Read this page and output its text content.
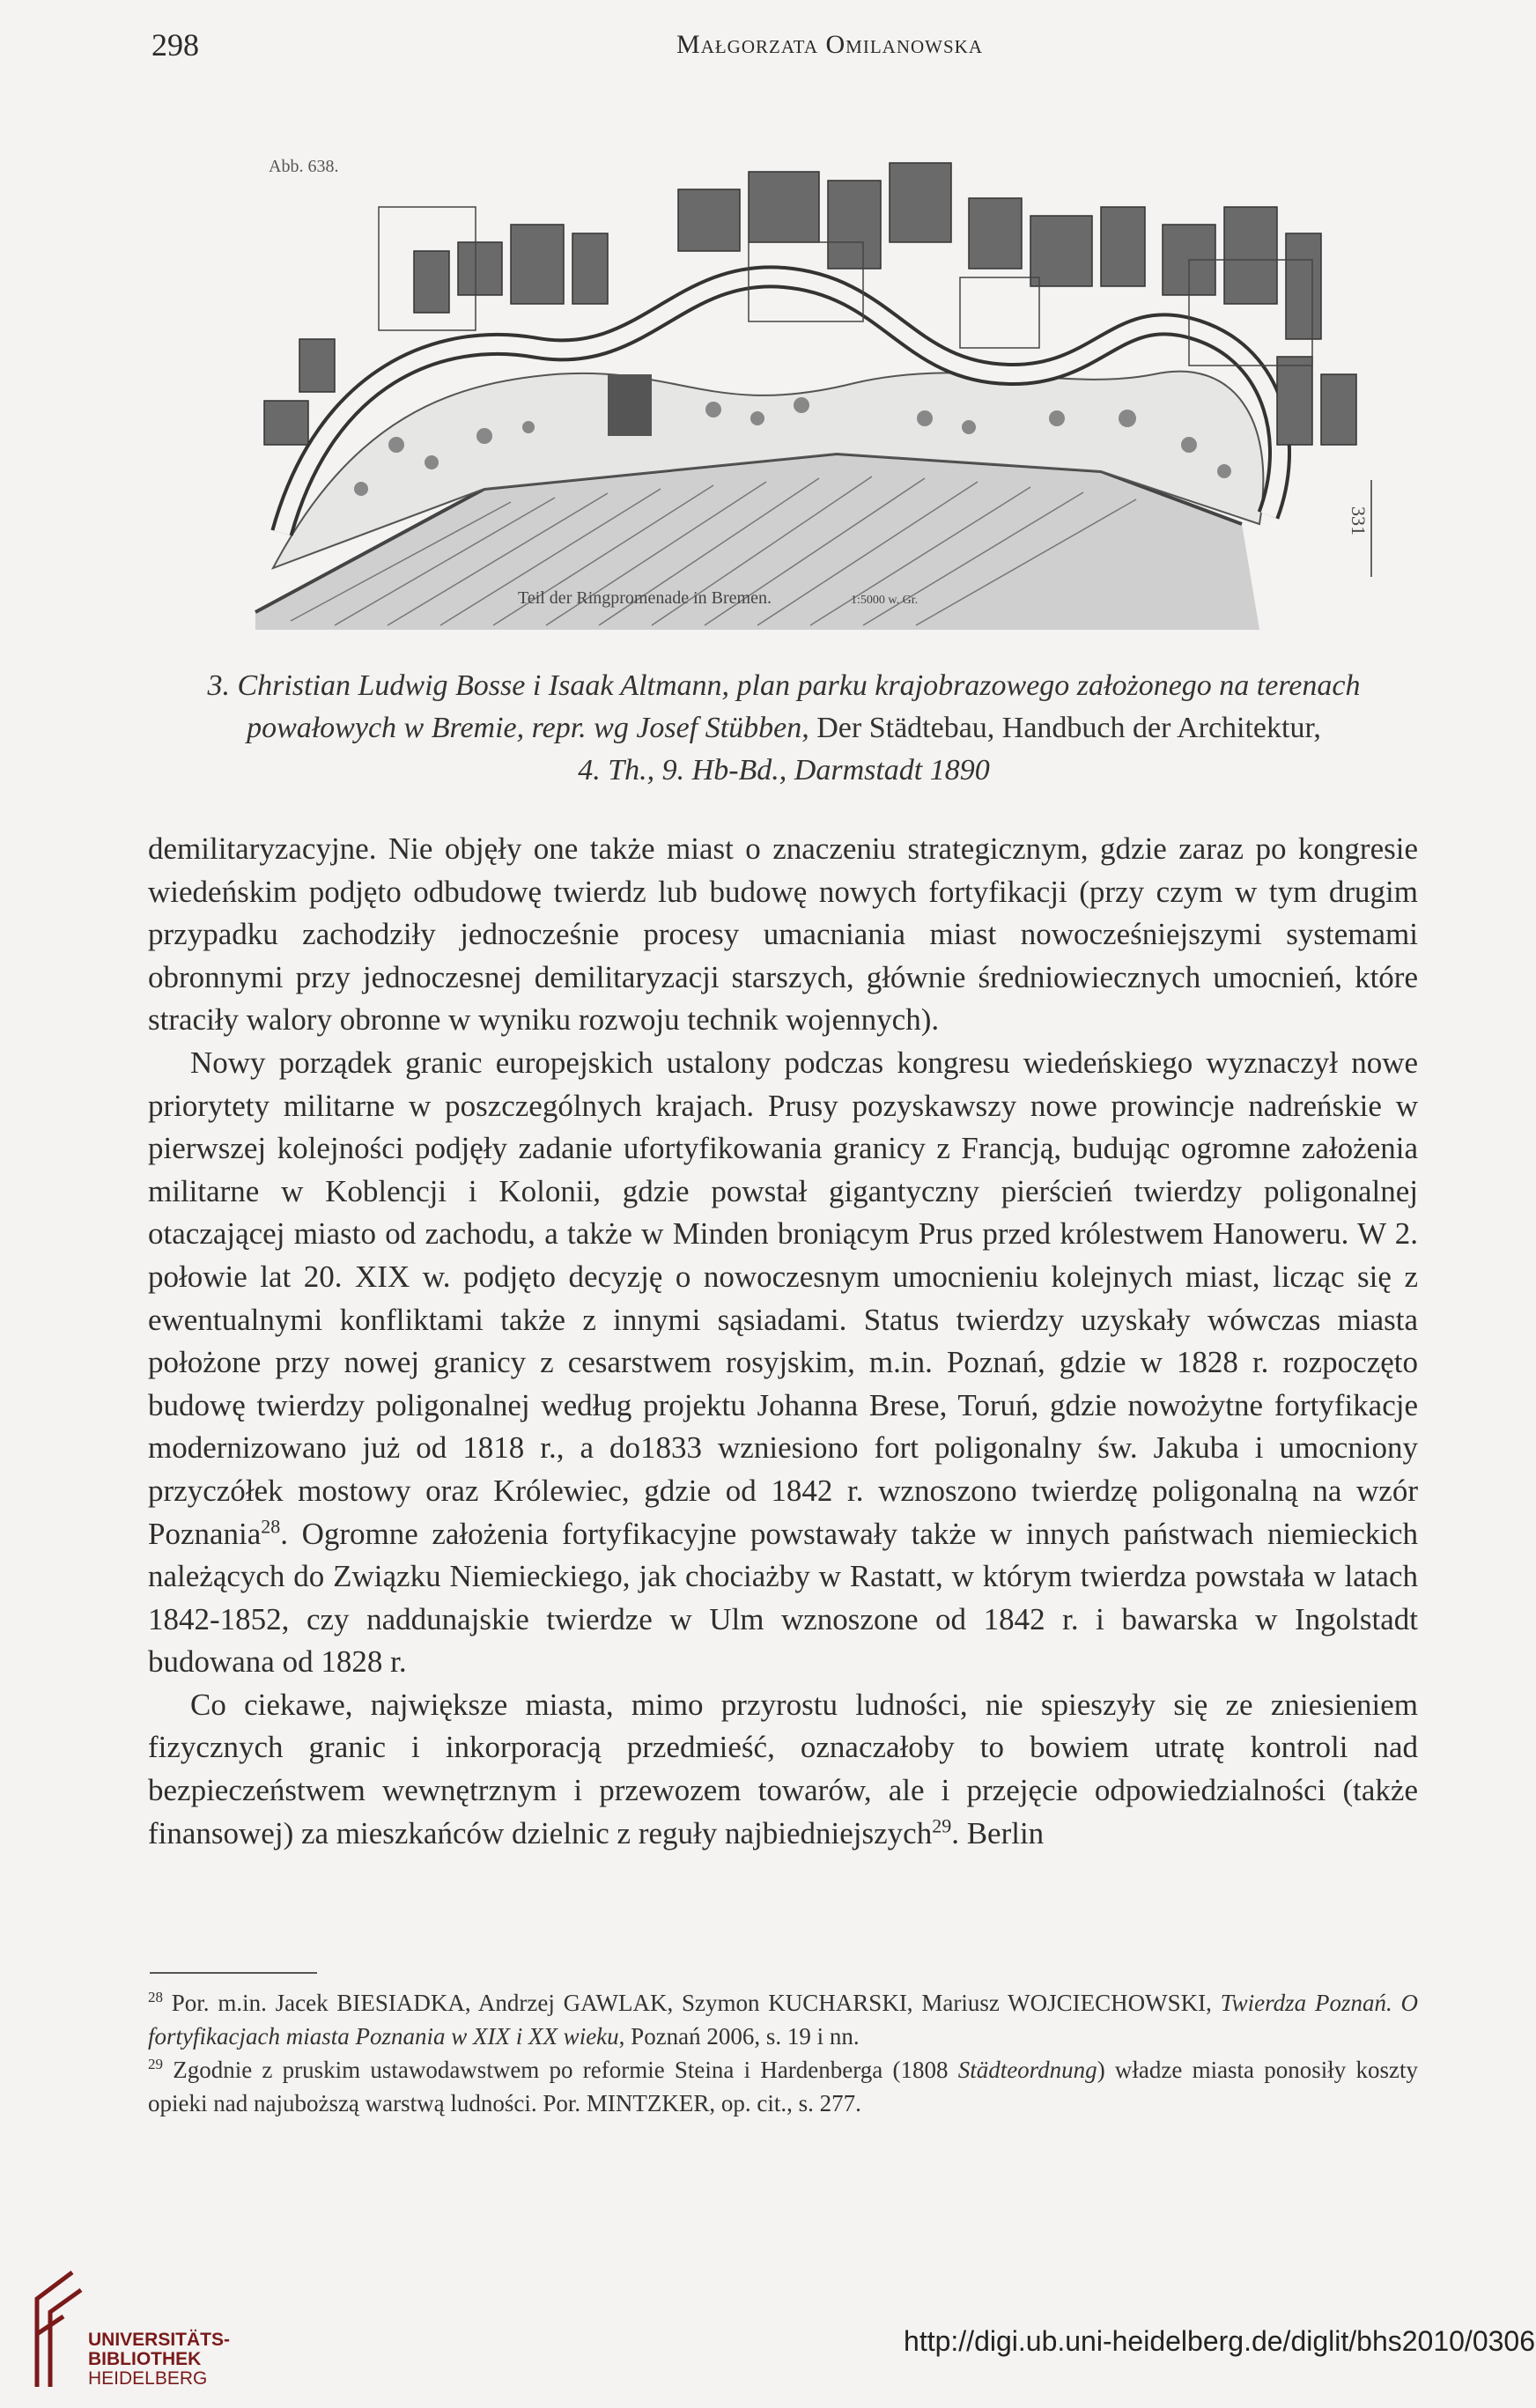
298	Małgorzata Omilanowska
Abb. 638.
Teil der Ringpromenade in Bremen.	1:5000 w. Gr.
331
3. Christian Ludwig Bosse i Isaak Altmann, plan parku krajobrazowego założonego na terenach
powałowych w Bremie, repr. wg Josef Stübben, Der Städtebau, Handbuch der Architektur,
4. Th., 9. Hb-Bd., Darmstadt 1890

demilitaryzacyjne. Nie objęły one także miast o znaczeniu strategicznym, gdzie zaraz po kongresie wiedeńskim podjęto odbudowę twierdz lub budowę nowych fortyfikacji (przy czym w tym drugim przypadku zachodziły jednocześnie procesy umacniania miast nowocześniejszymi systemami obronnymi przy jednoczesnej demilitaryzacji starszych, głównie średniowiecznych umocnień, które straciły walory obronne w wyniku rozwoju technik wojennych).

Nowy porządek granic europejskich ustalony podczas kongresu wiedeńskiego wyznaczył nowe priorytety militarne w poszczególnych krajach. Prusy pozyskawszy nowe prowincje nadreńskie w pierwszej kolejności podjęły zadanie ufortyfikowania granicy z Francją, budując ogromne założenia militarne w Koblencji i Kolonii, gdzie powstał gigantyczny pierścień twierdzy poligonalnej otaczającej miasto od zachodu, a także w Minden broniącym Prus przed królestwem Hanoweru. W 2. połowie lat 20. XIX w. podjęto decyzję o nowoczesnym umocnieniu kolejnych miast, licząc się z ewentualnymi konfliktami także z innymi sąsiadami. Status twierdzy uzyskały wówczas miasta położone przy nowej granicy z cesarstwem rosyjskim, m.in. Poznań, gdzie w 1828 r. rozpoczęto budowę twierdzy poligonalnej według projektu Johanna Brese, Toruń, gdzie nowożytne fortyfikacje modernizowano już od 1818 r., a do1833 wzniesiono fort poligonalny św. Jakuba i umocniony przyczółek mostowy oraz Królewiec, gdzie od 1842 r. wznoszono twierdzę poligonalną na wzór Poznania$^{28}$. Ogromne założenia fortyfikacyjne powstawały także w innych państwach niemieckich należących do Związku Niemieckiego, jak chociażby w Rastatt, w którym twierdza powstała w latach 1842-1852, czy naddunajskie twierdze w Ulm wznoszone od 1842 r. i bawarska w Ingolstadt budowana od 1828 r.

Co ciekawe, największe miasta, mimo przyrostu ludności, nie spieszyły się ze zniesieniem fizycznych granic i inkorporacją przedmieść, oznaczałoby to bowiem utratę kontroli nad bezpieczeństwem wewnętrznym i przewozem towarów, ale i przejęcie odpowiedzialności (także finansowej) za mieszkańców dzielnic z reguły najbiedniejszych$^{29}$. Berlin

$^{28}$ Por. m.in. Jacek BIESIADKA, Andrzej GAWLAK, Szymon KUCHARSKI, Mariusz WOJCIECHOWSKI, Twierdza Poznań. O fortyfikacjach miasta Poznania w XIX i XX wieku, Poznań 2006, s. 19 i nn.

$^{29}$ Zgodnie z pruskim ustawodawstwem po reformie Steina i Hardenberga (1808 Städteordnung) władze miasta ponosiły koszty opieki nad najuboższą warstwą ludności. Por. MINTZKER, op. cit., s. 277.

UNIVERSITÄTS-
BIBLIOTHEK
HEIDELBERG
http://digi.ub.uni-heidelberg.de/diglit/bhs2010/0306
